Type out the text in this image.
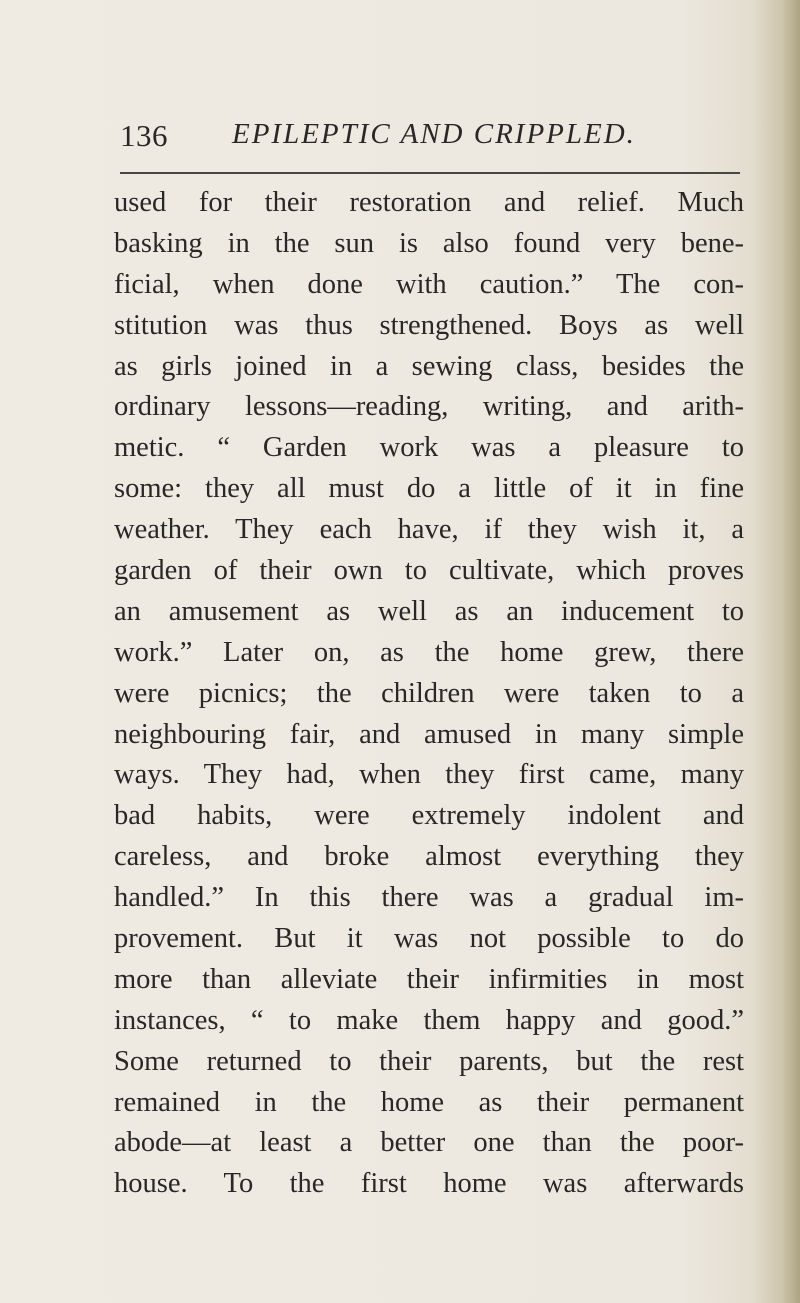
136 EPILEPTIC AND CRIPPLED.
used for their restoration and relief. Much
basking in the sun is also found very bene-
ficial, when done with caution.” The con-
stitution was thus strengthened. Boys as well
as girls joined in a sewing class, besides the
ordinary lessons—reading, writing, and arith-
metic. “ Garden work was a pleasure to
some: they all must do a little of it in fine
weather. They each have, if they wish it, a
garden of their own to cultivate, which proves
an amusement as well as an inducement to
work.” Later on, as the home grew, there
were picnics; the children were taken to a
neighbouring fair, and amused in many simple
ways. They had, when they first came, many
bad habits, were extremely indolent and
careless, and broke almost everything they
handled.” In this there was a gradual im-
provement. But it was not possible to do
more than alleviate their infirmities in most
instances, “ to make them happy and good.”
Some returned to their parents, but the rest
remained in the home as their permanent
abode—at least a better one than the poor-
house. To the first home was afterwards
